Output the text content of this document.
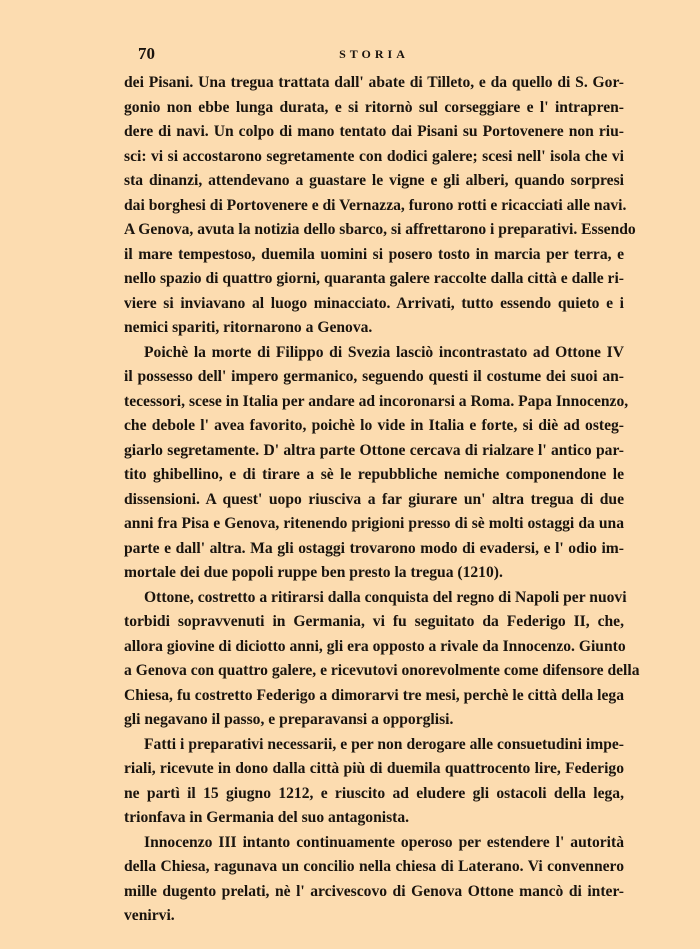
70	STORIA
dei Pisani. Una tregua trattata dall' abate di Tilleto, e da quello di S. Gor-
gonio non ebbe lunga durata, e si ritornò sul corseggiare e l' intrapren-
dere di navi. Un colpo di mano tentato dai Pisani su Portovenere non riu-
sci: vi si accostarono segretamente con dodici galere; scesi nell' isola che vi
sta dinanzi, attendevano a guastare le vigne e gli alberi, quando sorpresi
dai borghesi di Portovenere e di Vernazza, furono rotti e ricacciati alle navi.
A Genova, avuta la notizia dello sbarco, si affrettarono i preparativi. Essendo
il mare tempestoso, duemila uomini si posero tosto in marcia per terra, e
nello spazio di quattro giorni, quaranta galere raccolte dalla città e dalle ri-
viere si inviavano al luogo minacciato. Arrivati, tutto essendo quieto e i
nemici spariti, ritornarono a Genova.
Poichè la morte di Filippo di Svezia lasciò incontrastato ad Ottone IV
il possesso dell' impero germanico, seguendo questi il costume dei suoi an-
tecessori, scese in Italia per andare ad incoronarsi a Roma. Papa Innocenzo,
che debole l' avea favorito, poichè lo vide in Italia e forte, si diè ad osteg-
giarlo segretamente. D' altra parte Ottone cercava di rialzare l' antico par-
tito ghibellino, e di tirare a sè le repubbliche nemiche componendone le
dissensioni. A quest' uopo riusciva a far giurare un' altra tregua di due
anni fra Pisa e Genova, ritenendo prigioni presso di sè molti ostaggi da una
parte e dall' altra. Ma gli ostaggi trovarono modo di evadersi, e l' odio im-
mortale dei due popoli ruppe ben presto la tregua (1210).
Ottone, costretto a ritirarsi dalla conquista del regno di Napoli per nuovi
torbidi sopravvenuti in Germania, vi fu seguitato da Federigo II, che,
allora giovine di diciotto anni, gli era opposto a rivale da Innocenzo. Giunto
a Genova con quattro galere, e ricevutovi onorevolmente come difensore della
Chiesa, fu costretto Federigo a dimorarvi tre mesi, perchè le città della lega
gli negavano il passo, e preparavansi a opporglisi.
Fatti i preparativi necessarii, e per non derogare alle consuetudini impe-
riali, ricevute in dono dalla città più di duemila quattrocento lire, Federigo
ne partì il 15 giugno 1212, e riuscito ad eludere gli ostacoli della lega,
trionfava in Germania del suo antagonista.
Innocenzo III intanto continuamente operoso per estendere l' autorità
della Chiesa, ragunava un concilio nella chiesa di Laterano. Vi convennero
mille dugento prelati, nè l' arcivescovo di Genova Ottone mancò di inter-
venirvi.
